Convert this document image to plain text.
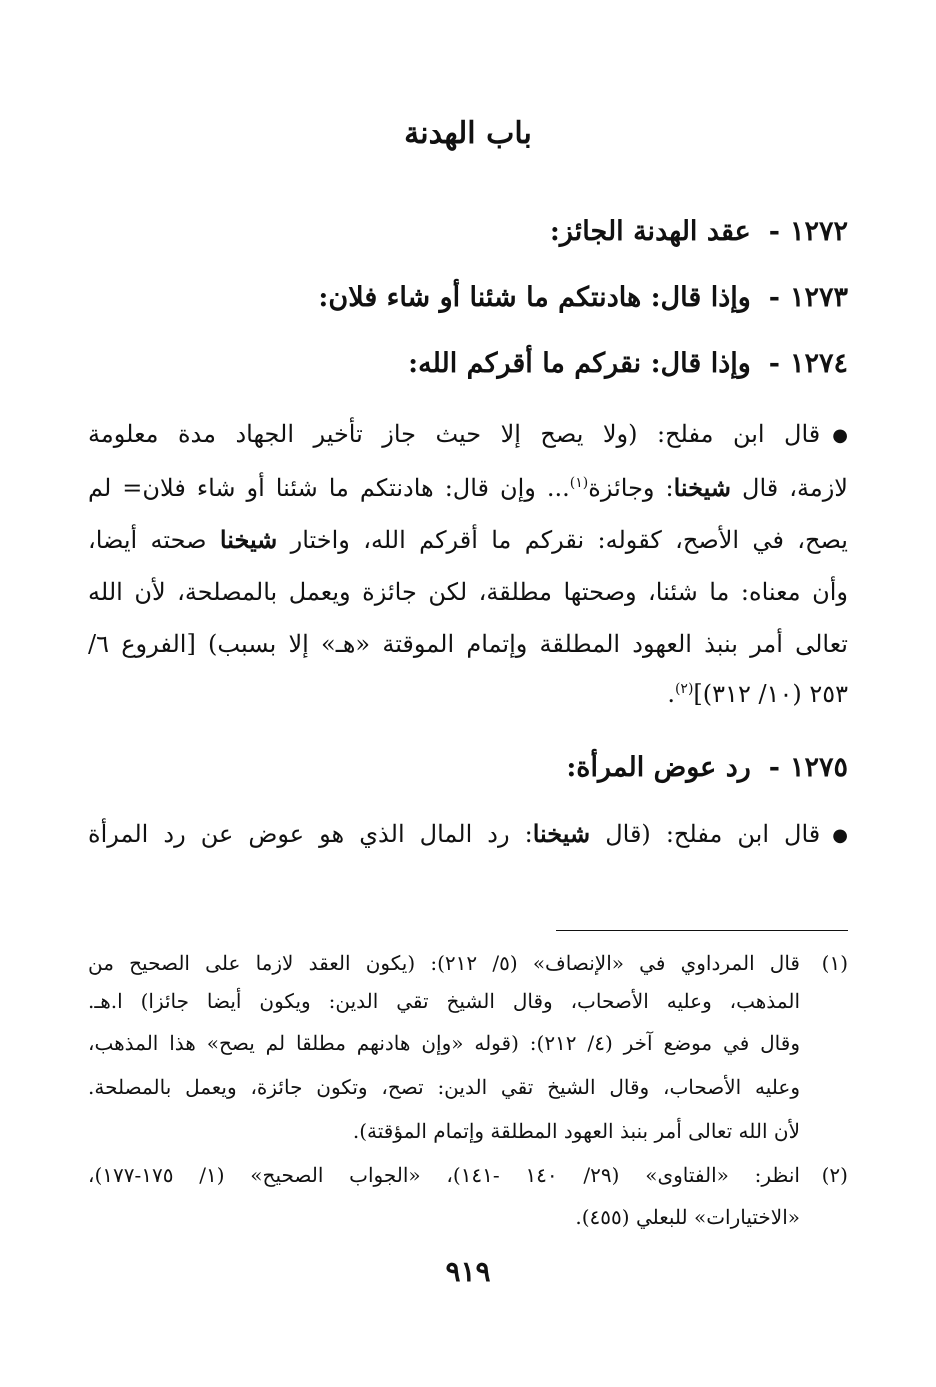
باب الهدنة
١٢٧٢-عقد الهدنة الجائز:
١٢٧٣-وإذا قال: هادنتكم ما شئنا أو شاء فلان:
١٢٧٤-وإذا قال: نقركم ما أقركم الله:
●قال ابن مفلح: (ولا يصح إلا حيث جاز تأخير الجهاد مدة معلومة
لازمة، قال شيخنا: وجائزة$^{(١)}$... وإن قال: هادنتكم ما شئنا أو شاء فلان= لم
يصح، في الأصح، كقوله: نقركم ما أقركم الله، واختار شيخنا صحته أيضا،
وأن معناه: ما شئنا، وصحتها مطلقة، لكن جائزة ويعمل بالمصلحة، لأن الله
تعالى أمر بنبذ العهود المطلقة وإتمام الموقتة «هـ» إلا بسبب) [الفروع ٦/
٢٥٣ (١٠/ ٣١٢)]$^{(٢)}$.
١٢٧٥-رد عوض المرأة:
●قال ابن مفلح: (قال شيخنا: رد المال الذي هو عوض عن رد المرأة
(١)قال المرداوي في «الإنصاف» (٥/ ٢١٢): (يكون العقد لازما على الصحيح من
المذهب، وعليه الأصحاب، وقال الشيخ تقي الدين: ويكون أيضا جائزا) ا.هـ.
وقال في موضع آخر (٤/ ٢١٢): (قوله «وإن هادنهم مطلقا لم يصح» هذا المذهب،
وعليه الأصحاب، وقال الشيخ تقي الدين: تصح، وتكون جائزة، ويعمل بالمصلحة.
لأن الله تعالى أمر بنبذ العهود المطلقة وإتمام المؤقتة).
(٢)انظر: «الفتاوى» (٢٩/ ١٤٠ -١٤١)، «الجواب الصحيح» (١/ ١٧٥-١٧٧)،
«الاختيارات» للبعلي (٤٥٥).
٩١٩
